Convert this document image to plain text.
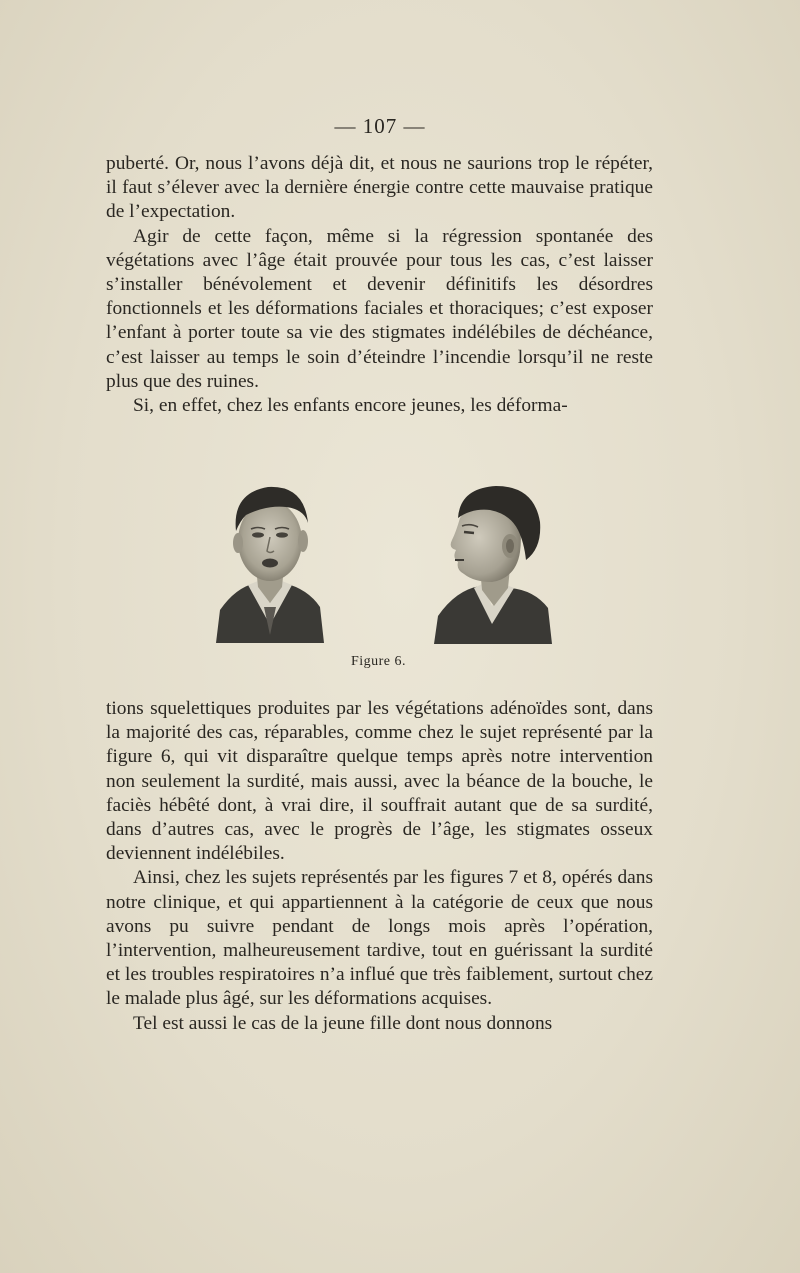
— 107 —

puberté. Or, nous l’avons déjà dit, et nous ne saurions trop le répéter, il faut s’élever avec la dernière énergie contre cette mauvaise pratique de l’expectation.

Agir de cette façon, même si la régression spontanée des végétations avec l’âge était prouvée pour tous les cas, c’est laisser s’installer bénévolement et devenir définitifs les désordres fonctionnels et les déformations faciales et thoraciques; c’est exposer l’enfant à porter toute sa vie des stigmates indélébiles de déchéance, c’est laisser au temps le soin d’éteindre l’incendie lorsqu’il ne reste plus que des ruines.

Si, en effet, chez les enfants encore jeunes, les déforma-

Figure 6.

tions squelettiques produites par les végétations adénoïdes sont, dans la majorité des cas, réparables, comme chez le sujet représenté par la figure 6, qui vit disparaître quelque temps après notre intervention non seulement la surdité, mais aussi, avec la béance de la bouche, le faciès hébêté dont, à vrai dire, il souffrait autant que de sa surdité, dans d’autres cas, avec le progrès de l’âge, les stigmates osseux deviennent indélébiles.

Ainsi, chez les sujets représentés par les figures 7 et 8, opérés dans notre clinique, et qui appartiennent à la catégorie de ceux que nous avons pu suivre pendant de longs mois après l’opération, l’intervention, malheureusement tardive, tout en guérissant la surdité et les troubles respiratoires n’a influé que très faiblement, surtout chez le malade plus âgé, sur les déformations acquises.

Tel est aussi le cas de la jeune fille dont nous donnons
